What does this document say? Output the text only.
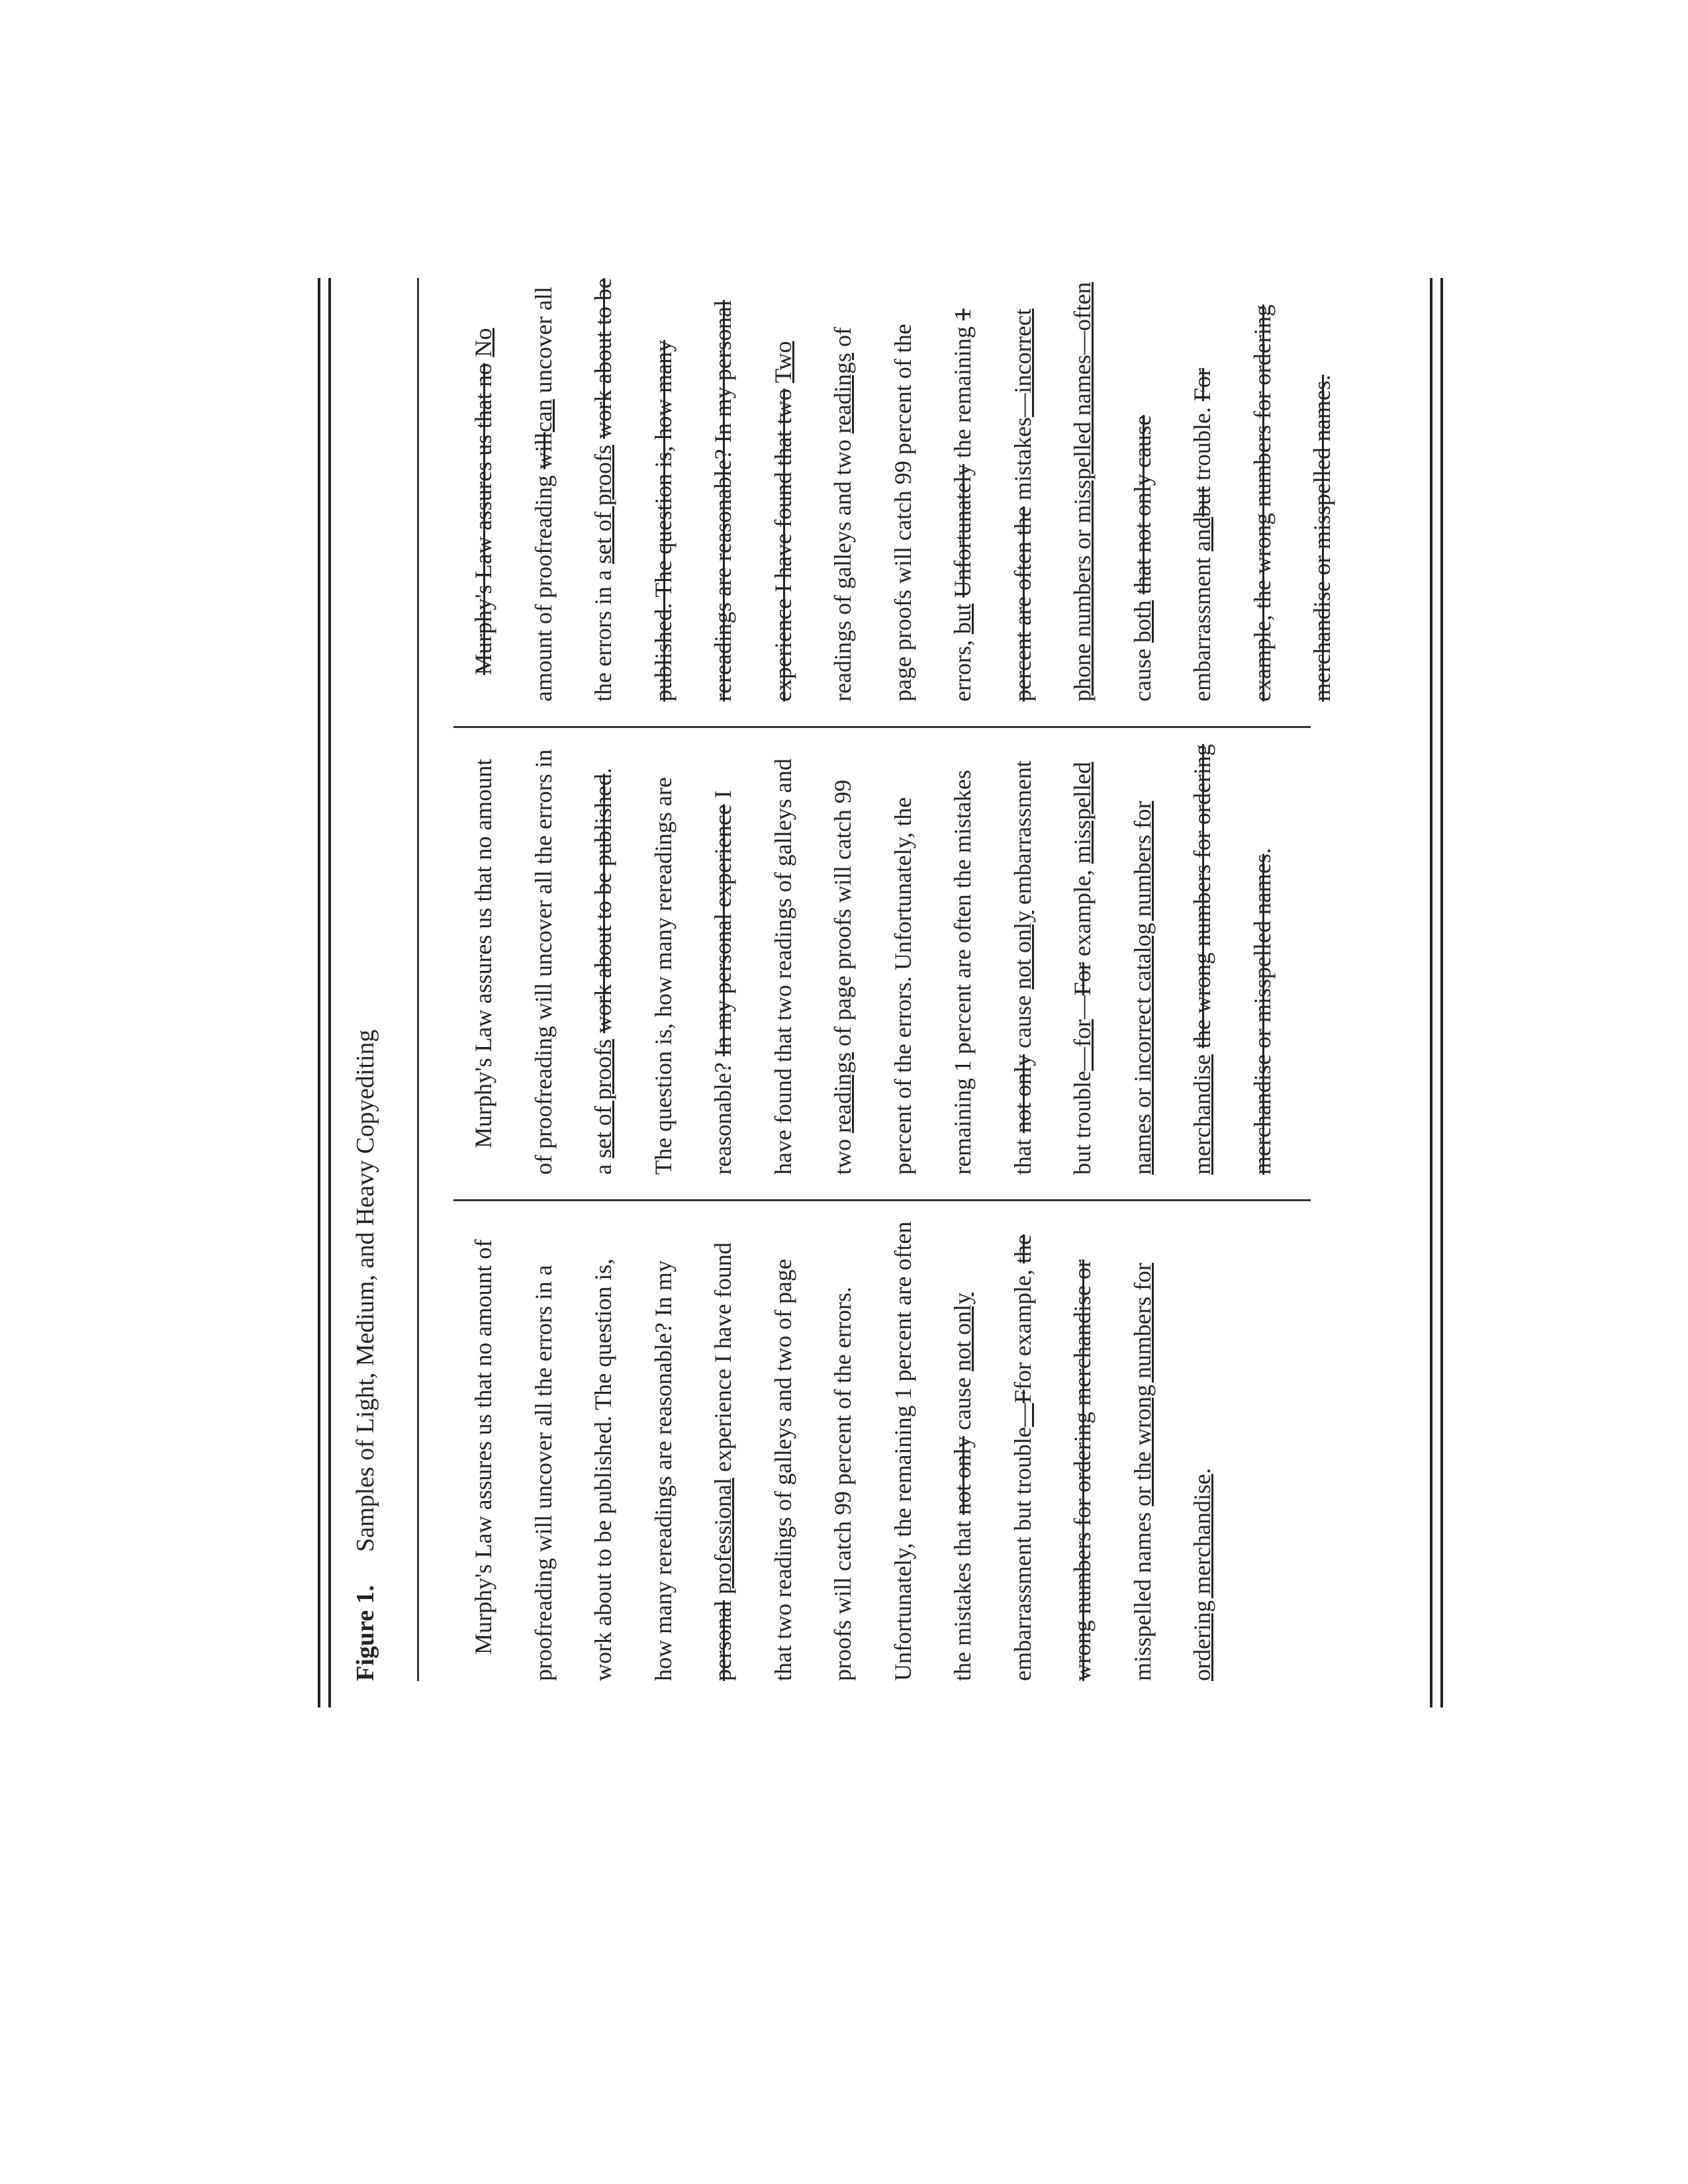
Figure 1.Samples of Light, Medium, and Heavy Copyediting	Murphy's Law assures us that no amount of proofreading will uncover all the errors in a work about to be published. The question is, how many rereadings are reasonable? In my personal professional experience I have found that two readings of galleys and two of page proofs will catch 99 percent of the errors. Unfortunately, the remaining 1 percent are often the mistakes that not only cause not only embarrassment but trouble—Ffor example, the wrong numbers for ordering merchandise or misspelled names or the wrong numbers for ordering merchandise.

Murphy's Law assures us that no amount of proofreading will uncover all the errors in a set of proofs work about to be published. The question is, how many rereadings are reasonable? In my personal experience I have found that two readings of galleys and two readings of page proofs will catch 99 percent of the errors. Unfortunately, the remaining 1 percent are often the mistakes that not only cause not only embarrassment but trouble—for—For example, misspelled names or incorrect catalog numbers for merchandise the wrong numbers for ordering merchandise or misspelled names.

Murphy's Law assures us that no No amount of proofreading willcan uncover all the errors in a set of proofs work about to be published. The question is, how many rereadings are reasonable? In my personal experience I have found that two Two readings of galleys and two readings of page proofs will catch 99 percent of the errors, but Unfortunately the remaining 1 percent are often the mistakes—incorrect phone numbers or misspelled names—often cause both that not only cause embarrassment andbut trouble. For example, the wrong numbers for ordering merchandise or misspelled names.
